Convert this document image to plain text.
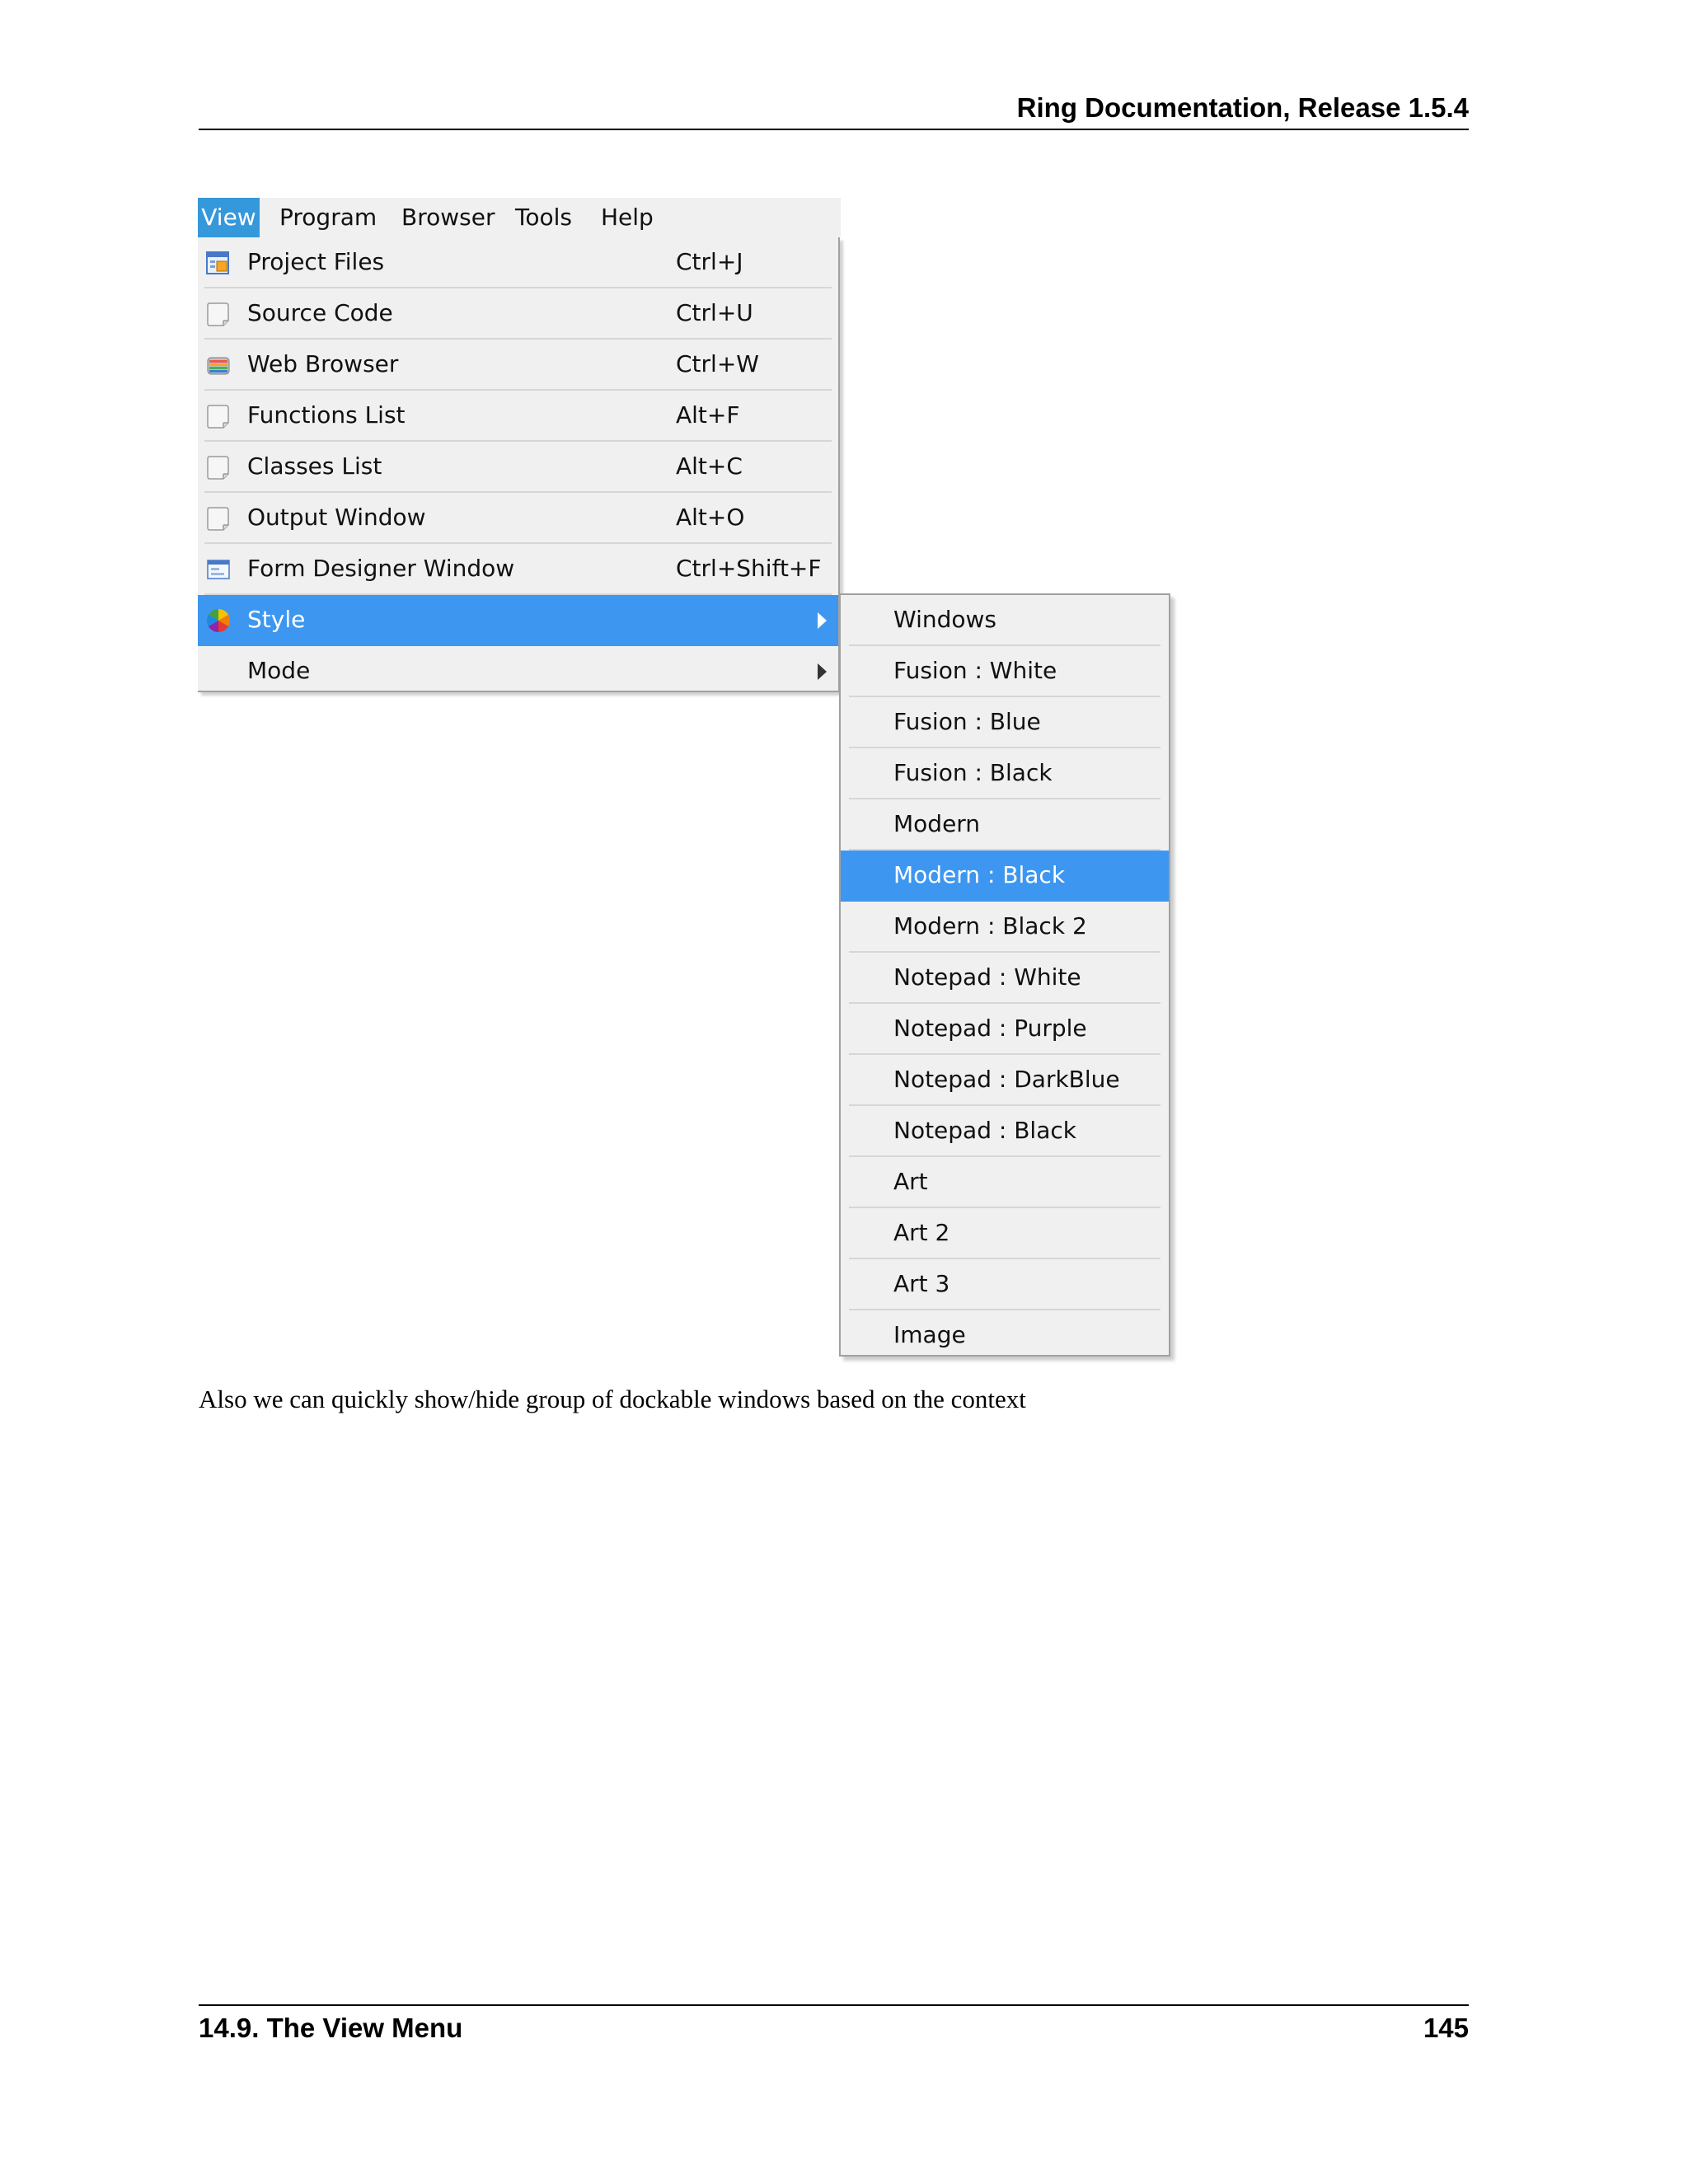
Ring Documentation, Release 1.5.4
View Program Browser Tools Help
Project Files	Ctrl+J
Source Code	Ctrl+U
Web Browser	Ctrl+W
Functions List	Alt+F
Classes List	Alt+C
Output Window	Alt+O
Form Designer Window	Ctrl+Shift+F
Style
Mode
Windows
Fusion : White
Fusion : Blue
Fusion : Black
Modern
Modern : Black
Modern : Black 2
Notepad : White
Notepad : Purple
Notepad : DarkBlue
Notepad : Black
Art
Art 2
Art 3
Image
Also we can quickly show/hide group of dockable windows based on the context
14.9. The View Menu	145
